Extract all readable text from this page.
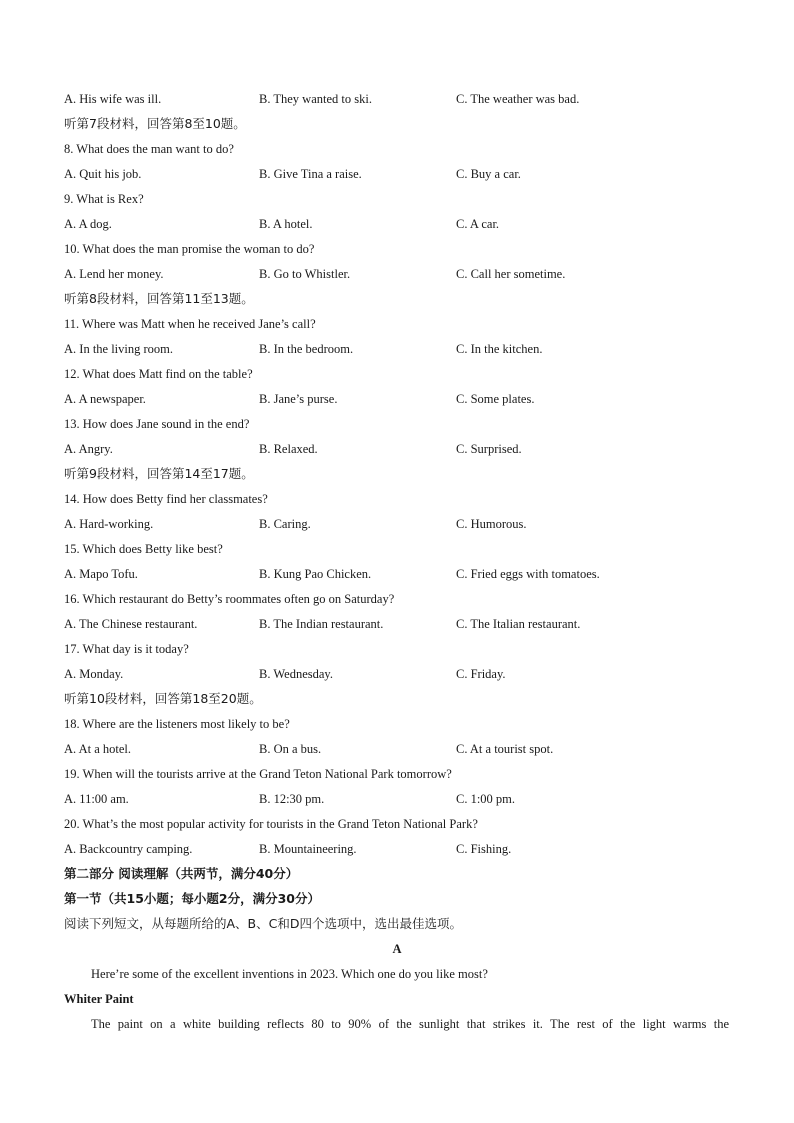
A. His wife was ill.	B. They wanted to ski.	C. The weather was bad.
听第7段材料，回答第8至10题。
8. What does the man want to do?
A. Quit his job.	B. Give Tina a raise.	C. Buy a car.
9. What is Rex?
A. A dog.	B. A hotel.	C. A car.
10. What does the man promise the woman to do?
A. Lend her money.	B. Go to Whistler.	C. Call her sometime.
听第8段材料，回答第11至13题。
11. Where was Matt when he received Jane’s call?
A. In the living room.	B. In the bedroom.	C. In the kitchen.
12. What does Matt find on the table?
A. A newspaper.	B. Jane’s purse.	C. Some plates.
13. How does Jane sound in the end?
A. Angry.	B. Relaxed.	C. Surprised.
听第9段材料，回答第14至17题。
14. How does Betty find her classmates?
A. Hard-working.	B. Caring.	C. Humorous.
15. Which does Betty like best?
A. Mapo Tofu.	B. Kung Pao Chicken.	C. Fried eggs with tomatoes.
16. Which restaurant do Betty’s roommates often go on Saturday?
A. The Chinese restaurant.	B. The Indian restaurant.	C. The Italian restaurant.
17. What day is it today?
A. Monday.	B. Wednesday.	C. Friday.
听第10段材料，回答第18至20题。
18. Where are the listeners most likely to be?
A. At a hotel.	B. On a bus.	C. At a tourist spot.
19. When will the tourists arrive at the Grand Teton National Park tomorrow?
A. 11:00 am.	B. 12:30 pm.	C. 1:00 pm.
20. What’s the most popular activity for tourists in the Grand Teton National Park?
A. Backcountry camping.	B. Mountaineering.	C. Fishing.
第二部分 阅读理解（共两节，满分40分）
第一节（共15小题；每小题2分，满分30分）
阅读下列短文，从每题所给的A、B、C和D四个选项中，选出最佳选项。
A
Here’re some of the excellent inventions in 2023. Which one do you like most?
Whiter Paint
The paint on a white building reflects 80 to 90% of the sunlight that strikes it. The rest of the light warms the
